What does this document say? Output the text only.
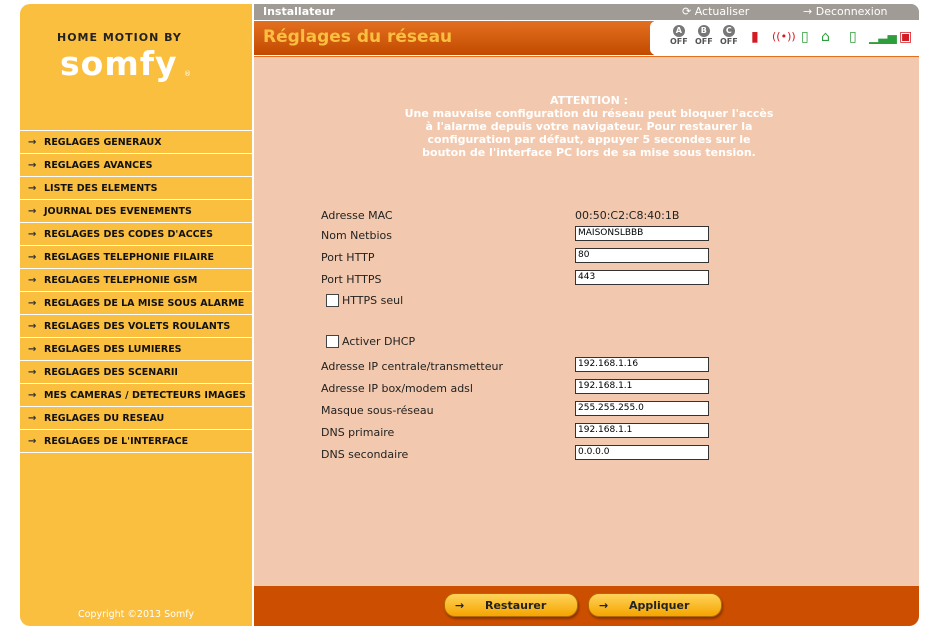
HOME MOTION BY
somfy ®
→ REGLAGES GENERAUX
→ REGLAGES AVANCES
→ LISTE DES ELEMENTS
→ JOURNAL DES EVENEMENTS
→ REGLAGES DES CODES D'ACCES
→ REGLAGES TELEPHONIE FILAIRE
→ REGLAGES TELEPHONIE GSM
→ REGLAGES DE LA MISE SOUS ALARME
→ REGLAGES DES VOLETS ROULANTS
→ REGLAGES DES LUMIERES
→ REGLAGES DES SCENARII
→ MES CAMERAS / DETECTEURS IMAGES
→ REGLAGES DU RESEAU
→ REGLAGES DE L'INTERFACE
Copyright ©2013 Somfy
Installateur	⟳ Actualiser	→ Deconnexion
Réglages du réseau	A
OFF
B
OFF
C
OFF ▮ ((•)) ▯ ⌂ ▯ ▁▃▅ ▣
ATTENTION :
Une mauvaise configuration du réseau peut bloquer l'accès à l'alarme depuis votre navigateur. Pour restaurer la configuration par défaut, appuyer 5 secondes sur le bouton de l'interface PC lors de sa mise sous tension.
Adresse MAC	00:50:C2:C8:40:1B
Nom Netbios	MAISONSLBBB
Port HTTP	80
Port HTTPS	443
HTTPS seul
Activer DHCP
Adresse IP centrale/transmetteur	192.168.1.16
Adresse IP box/modem adsl	192.168.1.1
Masque sous-réseau	255.255.255.0
DNS primaire	192.168.1.1
DNS secondaire	0.0.0.0
→	Restaurer	→	Appliquer
